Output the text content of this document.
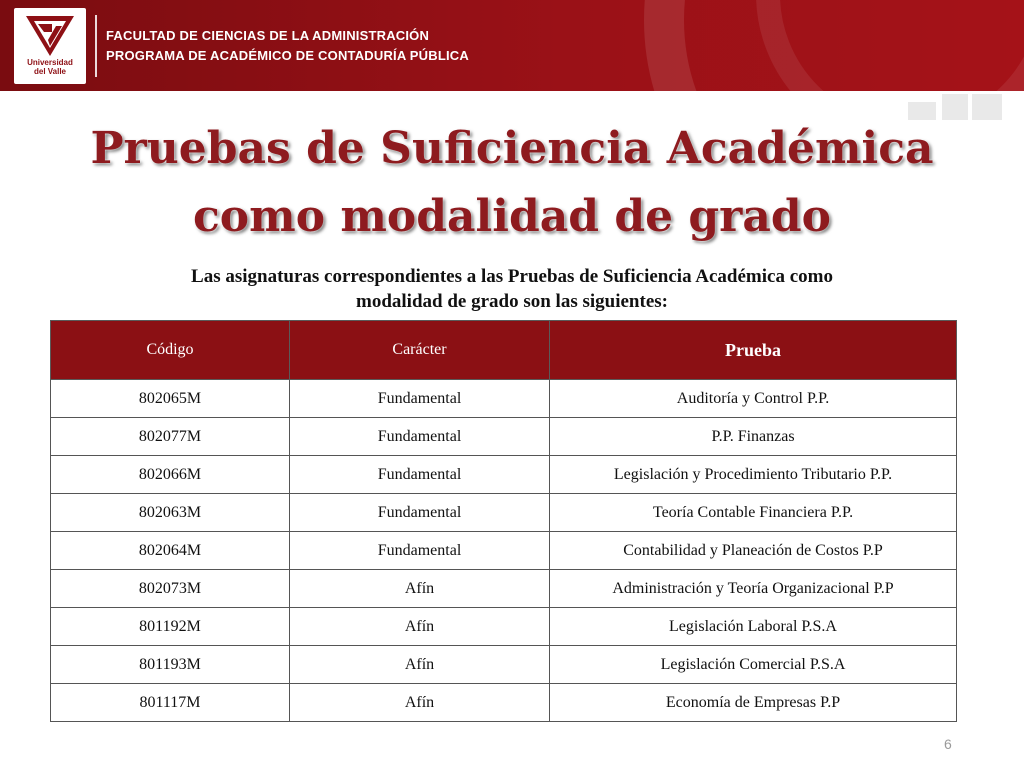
Universidad
del Valle
FACULTAD DE CIENCIAS DE LA ADMINISTRACIÓN
PROGRAMA DE ACADÉMICO DE CONTADURÍA PÚBLICA
Pruebas de Suficiencia Académica
como modalidad de grado
Las asignaturas correspondientes a las Pruebas de Suficiencia Académica como
modalidad de grado son las siguientes:
Código	Carácter	Prueba
802065M	Fundamental	Auditoría y Control P.P.
802077M	Fundamental	P.P. Finanzas
802066M	Fundamental	Legislación y Procedimiento Tributario P.P.
802063M	Fundamental	Teoría Contable Financiera P.P.
802064M	Fundamental	Contabilidad y Planeación de Costos P.P
802073M	Afín	Administración y Teoría Organizacional P.P
801192M	Afín	Legislación Laboral P.S.A
801193M	Afín	Legislación Comercial P.S.A
801117M	Afín	Economía de Empresas P.P
6
